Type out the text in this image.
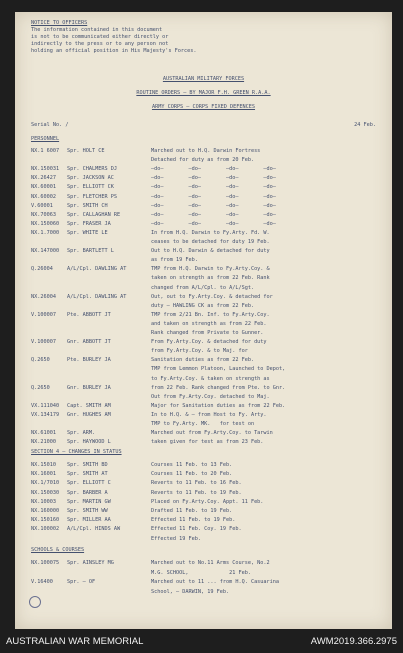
NOTICE TO OFFICERS
The information contained in this document
is not to be communicated either directly or
indirectly to the press or to any person not
holding an official position in His Majesty's Forces.
AUSTRALIAN MILITARY FORCES
ROUTINE ORDERS — BY MAJOR F.H. GREEN R.A.A.
ARMY CORPS — CORPS FIXED DEFENCES
Serial No. /	24 Feb.
PERSONNEL
NX.1 6007 Spr. HOLT CE	Marched out to H.Q. Darwin Fortress
Detached for duty as from 20 Feb.
NX.150031 Spr. CHALMERS DJ	—do—        —do—        —do—        —do—
NX.26427 Spr. JACKSON AC	—do—        —do—        —do—        —do—
NX.60001 Spr. ELLIOTT CK	—do—        —do—        —do—        —do—
NX.60002 Spr. FLETCHER PS	—do—        —do—        —do—        —do—
V.60001	Spr. SMITH CH	—do—        —do—        —do—        —do—
NX.70063 Spr. CALLAGHAN RE	—do—        —do—        —do—        —do—
NX.150060 Spr. FRASER JA	—do—        —do—        —do—        —do—
NX.1.7000 Spr. WHITE LE	In from H.Q. Darwin to Fy.Arty. Fd. W.
ceases to be detached for duty 19 Feb.
NX.147000 Spr. BARTLETT L	Out to H.Q. Darwin & detached for duty
as from 19 Feb.
Q.26004	A/L/Cpl. DAWLING AT	TMP from H.Q. Darwin to Fy.Arty.Coy. &
taken on strength as from 22 Feb. Rank
changed from A/L/Cpl. to A/L/Sgt.
NX.26004 A/L/Cpl. DAWLING AT	Out, out to Fy.Arty.Coy. & detached for
duty — HAWLING CK as from 22 Feb.
V.100007 Pte. ABBOTT JT	TMP from 2/21 Bn. Inf. to Fy.Arty.Coy.
and taken on strength as from 22 Feb.
Rank changed from Private to Gunner.
V.100007 Gnr. ABBOTT JT	From Fy.Arty.Coy. & detached for duty
from Fy.Arty.Coy. & to Maj. for
Q.2650	Pte. BURLEY JA	Sanitation duties as from 22 Feb.
TMP from Lemmon Platoon, Launched to Depot,
to Fy.Arty.Coy. & taken on strength as
Q.2650	Gnr. BURLEY JA	from 22 Feb. Rank changed from Pte. to Gnr.
Out from Fy.Arty.Coy. detached to Maj.
VX.111040 Capt. SMITH AM	Major for Sanitation duties as from 22 Feb.
VX.134179 Gnr. HUGHES AM	In to H.Q. & — from Host to Fy. Arty.
TMP to Fy.Arty. MK.   for test on
NX.61001 Spr. ARM.	Marched out from Fy.Arty.Coy. to Tarwin
NX.21000 Spr. HAYWOOD L	taken given for test as from 23 Feb.
SECTION 4 — CHANGES IN STATUS
NX.15010 Spr. SMITH BD	Courses 11 Feb. to 13 Feb.
NX.16001 Spr. SMITH AT	Courses 11 Feb. to 20 Feb.
NX.1/7010 Spr. ELLIOTT C	Reverts to 11 Feb. to 16 Feb.
NX.150030 Spr. BARBER A	Reverts to 11 Feb. to 19 Feb.
NX.10003 Spr. MARTIN GW	Placed on Fy.Arty.Coy. Appt. 11 Feb.
NX.160000 Spr. SMITH WW	Drafted 11 Feb. to 19 Feb.
NX.150160 Spr. MILLER AA	Effected 11 Feb. to 19 Feb.
NX.100002 A/L/Cpl. HINDS AW	Effected 11 Feb. Coy. 19 Feb.
Effected 19 Feb.
SCHOOLS & COURSES
NX.100075 Spr. AINSLEY MG	Marched out to No.11 Arms Course, No.2
M.G. SCHOOL,             21 Feb.
V.16400	Spr. — OF	Marched out to 11 ... from H.Q. Casuarina
School, — DARWIN, 19 Feb.
AUSTRALIAN WAR MEMORIAL	AWM2019.366.2975
